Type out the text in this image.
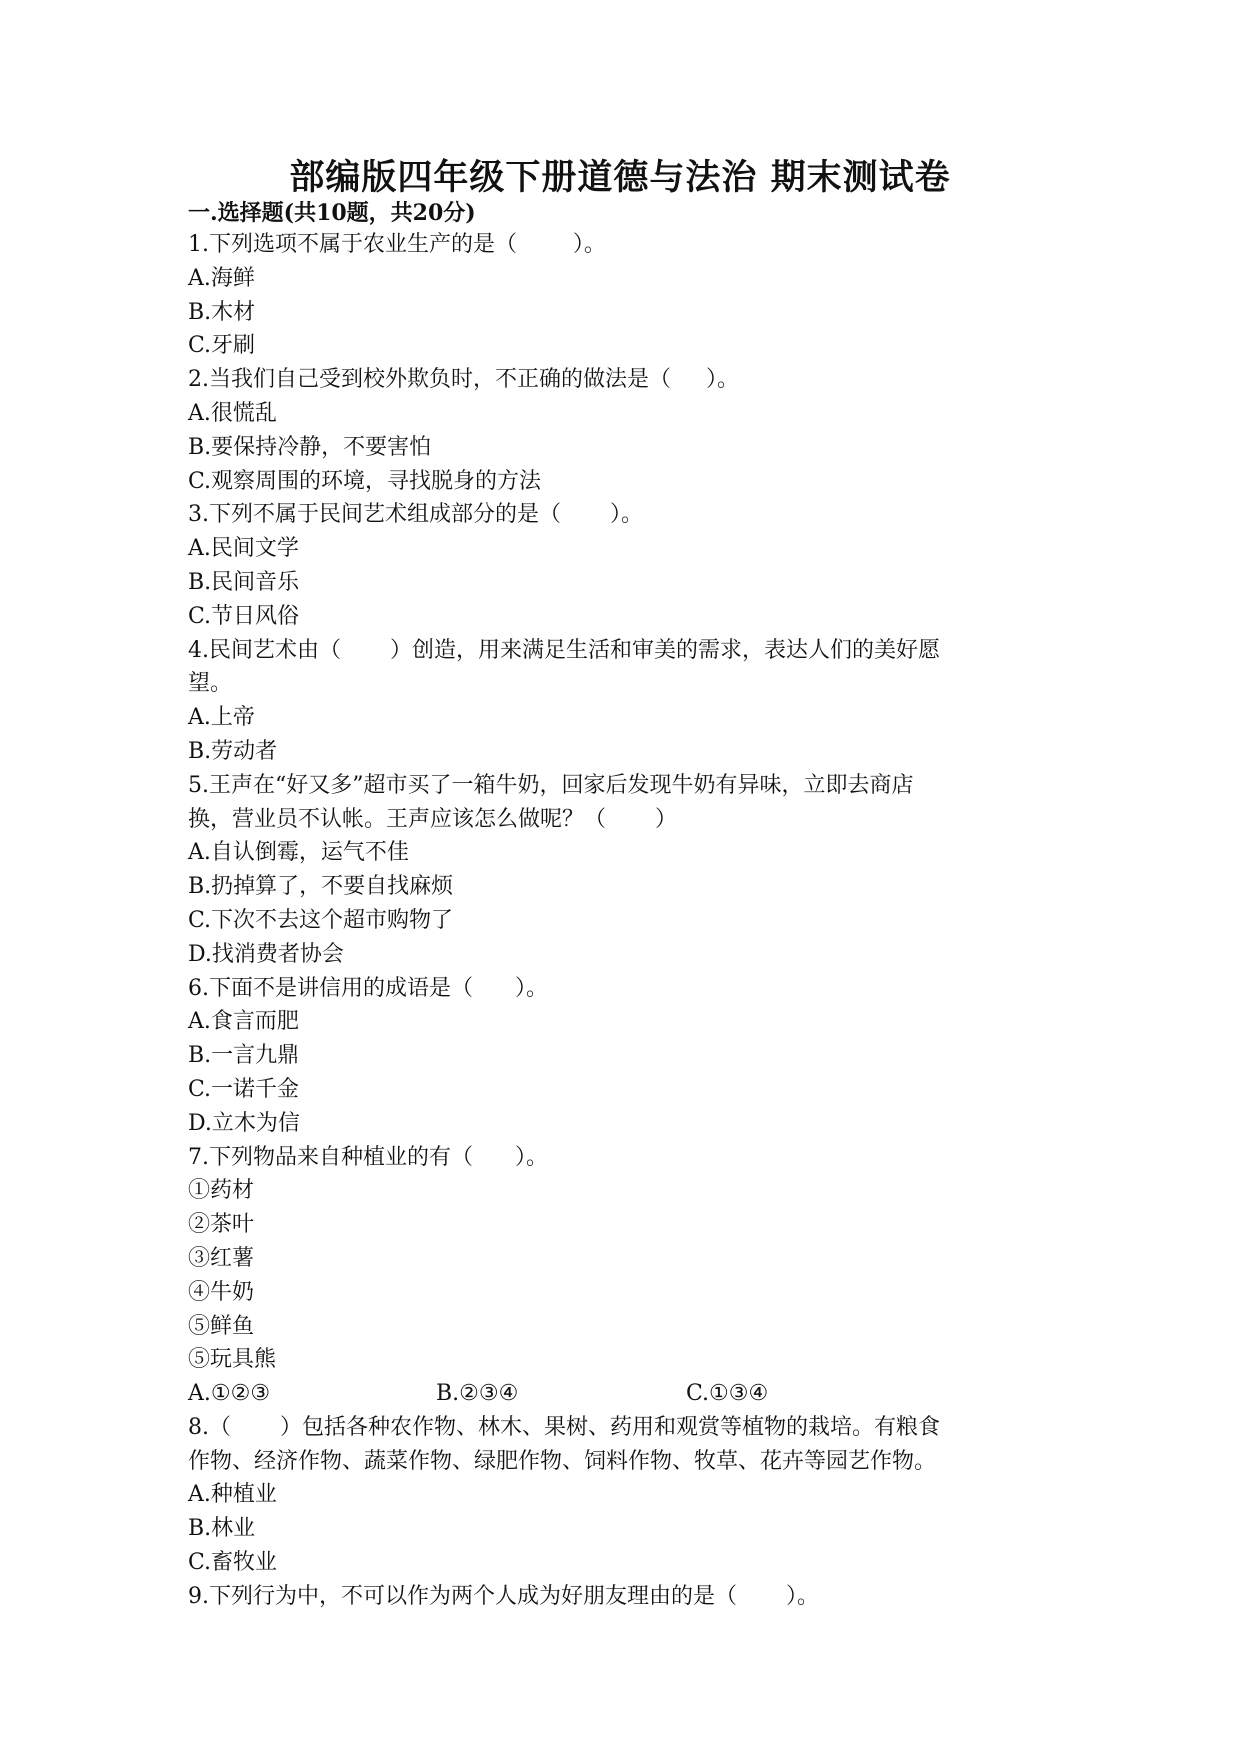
部编版四年级下册道德与法治 期末测试卷
一.选择题(共10题，共20分)
1.下列选项不属于农业生产的是（        ）。
A.海鲜
B.木材
C.牙刷
2.当我们自己受到校外欺负时，不正确的做法是（     ）。
A.很慌乱
B.要保持冷静，不要害怕
C.观察周围的环境，寻找脱身的方法
3.下列不属于民间艺术组成部分的是（       ）。
A.民间文学
B.民间音乐
C.节日风俗
4.民间艺术由（       ）创造，用来满足生活和审美的需求，表达人们的美好愿
望。
A.上帝
B.劳动者
5.王声在“好又多”超市买了一箱牛奶，回家后发现牛奶有异味，立即去商店
换，营业员不认帐。王声应该怎么做呢？（       ）
A.自认倒霉，运气不佳
B.扔掉算了，不要自找麻烦
C.下次不去这个超市购物了
D.找消费者协会
6.下面不是讲信用的成语是（      ）。
A.食言而肥
B.一言九鼎
C.一诺千金
D.立木为信
7.下列物品来自种植业的有（      ）。
①药材
②茶叶
③红薯
④牛奶
⑤鲜鱼
⑤玩具熊
A.①②③	B.②③④	C.①③④
8.（       ）包括各种农作物、林木、果树、药用和观赏等植物的栽培。有粮食
作物、经济作物、蔬菜作物、绿肥作物、饲料作物、牧草、花卉等园艺作物。
A.种植业
B.林业
C.畜牧业
9.下列行为中，不可以作为两个人成为好朋友理由的是（       ）。
